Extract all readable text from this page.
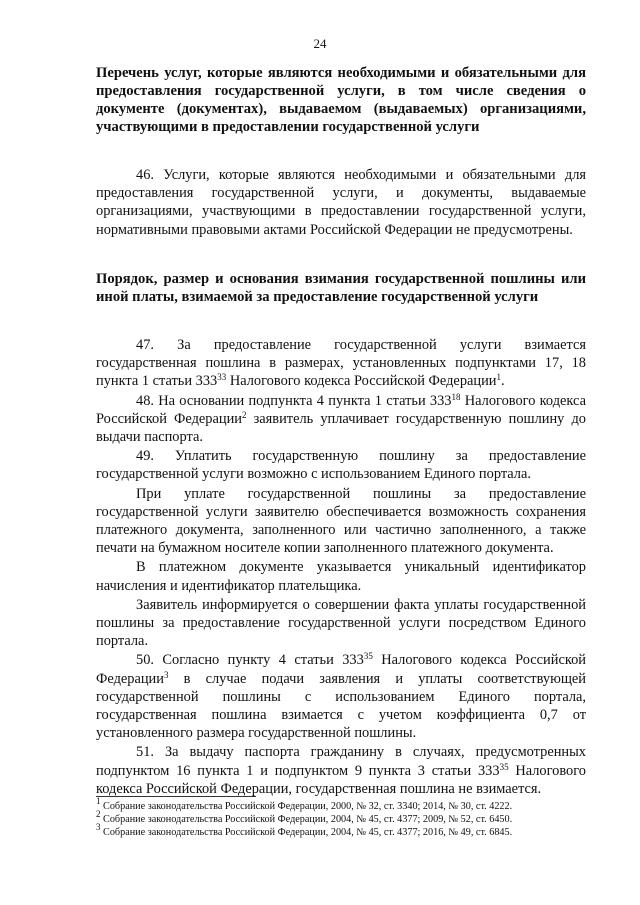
24
Перечень услуг, которые являются необходимыми и обязательными для предоставления государственной услуги, в том числе сведения о документе (документах), выдаваемом (выдаваемых) организациями, участвующими в предоставлении государственной услуги

46. Услуги, которые являются необходимыми и обязательными для предоставления государственной услуги, и документы, выдаваемые организациями, участвующими в предоставлении государственной услуги, нормативными правовыми актами Российской Федерации не предусмотрены.

Порядок, размер и основания взимания государственной пошлины или иной платы, взимаемой за предоставление государственной услуги

47. За предоставление государственной услуги взимается государственная пошлина в размерах, установленных подпунктами 17, 18 пункта 1 статьи $333^{33}$ Налогового кодекса Российской Федерации$^1$.

48. На основании подпункта 4 пункта 1 статьи $333^{18}$ Налогового кодекса Российской Федерации$^2$ заявитель уплачивает государственную пошлину до выдачи паспорта.

49. Уплатить государственную пошлину за предоставление государственной услуги возможно с использованием Единого портала.

При уплате государственной пошлины за предоставление государственной услуги заявителю обеспечивается возможность сохранения платежного документа, заполненного или частично заполненного, а также печати на бумажном носителе копии заполненного платежного документа.

В платежном документе указывается уникальный идентификатор начисления и идентификатор плательщика.

Заявитель информируется о совершении факта уплаты государственной пошлины за предоставление государственной услуги посредством Единого портала.

50. Согласно пункту 4 статьи $333^{35}$ Налогового кодекса Российской Федерации$^3$ в случае подачи заявления и уплаты соответствующей государственной пошлины с использованием Единого портала, государственная пошлина взимается с учетом коэффициента 0,7 от установленного размера государственной пошлины.

51. За выдачу паспорта гражданину в случаях, предусмотренных подпунктом 16 пункта 1 и подпунктом 9 пункта 3 статьи $333^{35}$ Налогового кодекса Российской Федерации, государственная пошлина не взимается.

$^1$ Собрание законодательства Российской Федерации, 2000, № 32, ст. 3340; 2014, № 30, ст. 4222.
$^2$ Собрание законодательства Российской Федерации, 2004, № 45, ст. 4377; 2009, № 52, ст. 6450.
$^3$ Собрание законодательства Российской Федерации, 2004, № 45, ст. 4377; 2016, № 49, ст. 6845.
